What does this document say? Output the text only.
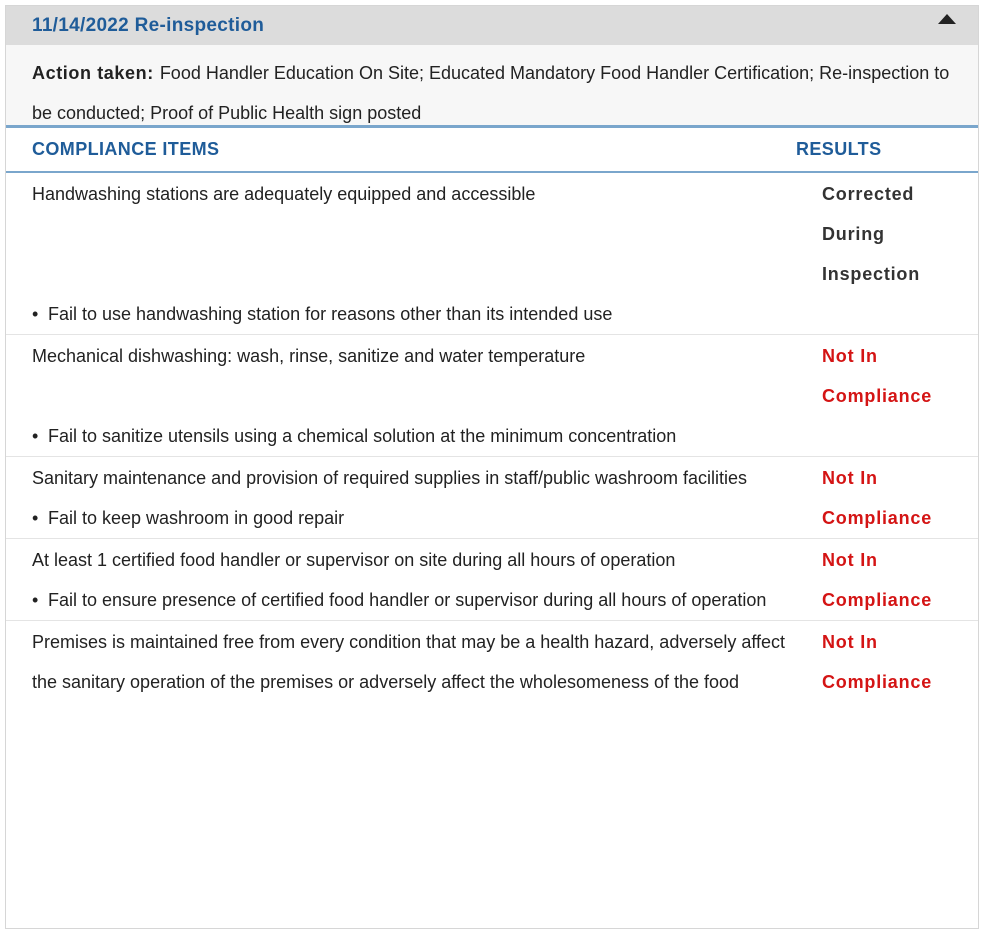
11/14/2022 Re-inspection
Action taken: Food Handler Education On Site; Educated Mandatory Food Handler Certification; Re-inspection to be conducted; Proof of Public Health sign posted
COMPLIANCE ITEMS	RESULTS
Handwashing stations are adequately equipped and accessible
•
Fail to use handwashing station for reasons other than its intended use
Corrected During Inspection
Mechanical dishwashing: wash, rinse, sanitize and water temperature
•Fail to sanitize utensils using a chemical solution at the minimum concentration
Not In Compliance
Sanitary maintenance and provision of required supplies in staff/public washroom facilities
•
Fail to keep washroom in good repair
Not In Compliance
At least 1 certified food handler or supervisor on site during all hours of operation
•Fail to ensure presence of certified food handler or supervisor during all hours of operation
Not In Compliance
Premises is maintained free from every condition that may be a health hazard, adversely affect the sanitary operation of the premises or adversely affect the wholesomeness of the food
Not In Compliance
